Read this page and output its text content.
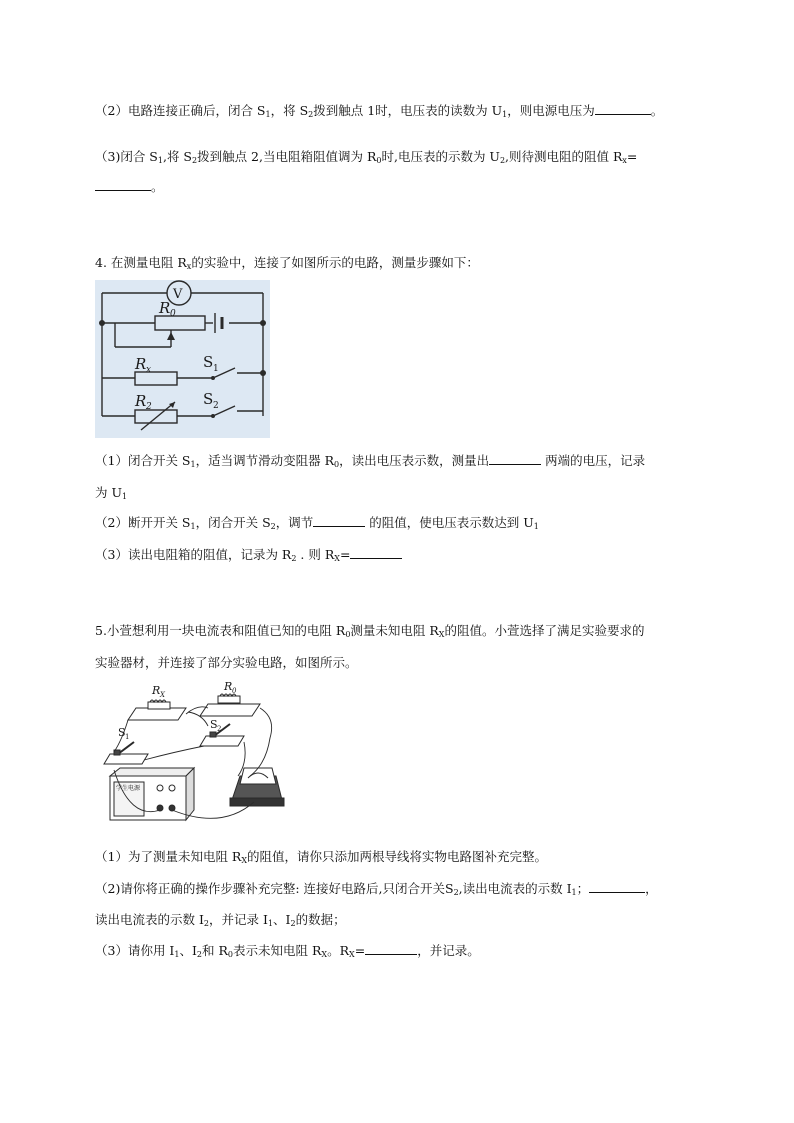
（2）电路连接正确后，闭合 $S_1$，将 $S_2$拨到触点 1时，电压表的读数为 $U_1$，则电源电压为	。
（3)闭合 $S_1$,将 $S_2$拨到触点 2,当电阻箱阻值调为 $R_0$时,电压表的示数为 $U_2$,则待测电阻的阻值 $R_x=$
。
4. 在测量电阻 $R_x$的实验中，连接了如图所示的电路，测量步骤如下：
V
R 0
R x
R 2
S 1
S 2
（1）闭合开关 $S_1$，适当调节滑动变阻器 $R_0$，读出电压表示数，测量出	两端的电压，记录
为 $U_1$
（2）断开开关 $S_1$，闭合开关 $S_2$，调节	的阻值，使电压表示数达到 $U_1$
（3）读出电阻箱的阻值，记录为 $R_2$ . 则 $R_X=$
5.小萱想利用一块电流表和阻值已知的电阻 $R_0$测量未知电阻 $R_X$的阻值。小萱选择了满足实验要求的
实验器材，并连接了部分实验电路，如图所示。
R X
R 0
S 1
S 2
学生电源
（1）为了测量未知电阻 $R_X$的阻值，请你只添加两根导线将实物电路图补充完整。
（2)请你将正确的操作步骤补充完整: 连接好电路后,只闭合开关$S_2$,读出电流表的示数 $I_1$；	，
读出电流表的示数 $I_2$，并记录 $I_1$、$I_2$的数据；
（3）请你用 $I_1$、$I_2$和 $R_0$表示未知电阻 $R_X$。$R_X=$	，并记录。
